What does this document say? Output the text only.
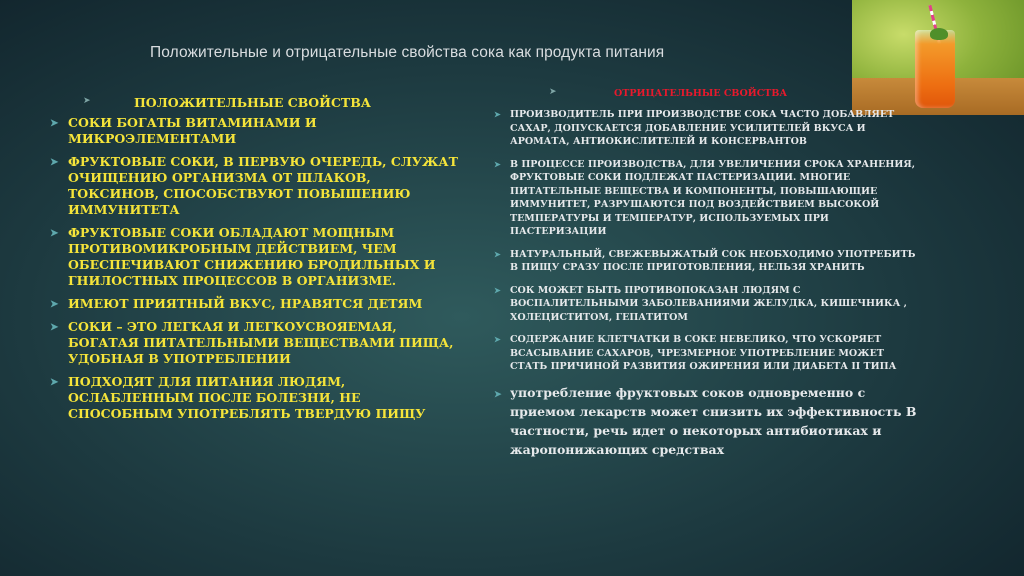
Положительные и отрицательные свойства сока как продукта питания
➤	ПОЛОЖИТЕЛЬНЫЕ СВОЙСТВА
➤ СОКИ БОГАТЫ ВИТАМИНАМИ И МИКРОЭЛЕМЕНТАМИ
➤ ФРУКТОВЫЕ СОКИ, В ПЕРВУЮ ОЧЕРЕДЬ, СЛУЖАТ ОЧИЩЕНИЮ ОРГАНИЗМА ОТ ШЛАКОВ, ТОКСИНОВ, СПОСОБСТВУЮТ ПОВЫШЕНИЮ ИММУНИТЕТА
➤ ФРУКТОВЫЕ СОКИ ОБЛАДАЮТ МОЩНЫМ ПРОТИВОМИКРОБНЫМ ДЕЙСТВИЕМ, ЧЕМ ОБЕСПЕЧИВАЮТ СНИЖЕНИЮ БРОДИЛЬНЫХ И ГНИЛОСТНЫХ ПРОЦЕССОВ В ОРГАНИЗМЕ.
➤ ИМЕЮТ ПРИЯТНЫЙ ВКУС, НРАВЯТСЯ ДЕТЯМ
➤ СОКИ – ЭТО ЛЕГКАЯ И ЛЕГКОУСВОЯЕМАЯ, БОГАТАЯ ПИТАТЕЛЬНЫМИ ВЕЩЕСТВАМИ ПИЩА, УДОБНАЯ В УПОТРЕБЛЕНИИ
➤ ПОДХОДЯТ ДЛЯ ПИТАНИЯ ЛЮДЯМ, ОСЛАБЛЕННЫМ ПОСЛЕ БОЛЕЗНИ, НЕ СПОСОБНЫМ УПОТРЕБЛЯТЬ ТВЕРДУЮ ПИЩУ
➤	ОТРИЦАТЕЛЬНЫЕ СВОЙСТВА
➤ ПРОИЗВОДИТЕЛЬ ПРИ ПРОИЗВОДСТВЕ СОКА ЧАСТО ДОБАВЛЯЕТ САХАР, ДОПУСКАЕТСЯ ДОБАВЛЕНИЕ УСИЛИТЕЛЕЙ ВКУСА И АРОМАТА, АНТИОКИСЛИТЕЛЕЙ И КОНСЕРВАНТОВ
➤ В ПРОЦЕССЕ ПРОИЗВОДСТВА, ДЛЯ УВЕЛИЧЕНИЯ СРОКА ХРАНЕНИЯ, ФРУКТОВЫЕ СОКИ ПОДЛЕЖАТ ПАСТЕРИЗАЦИИ. МНОГИЕ ПИТАТЕЛЬНЫЕ ВЕЩЕСТВА И КОМПОНЕНТЫ, ПОВЫШАЮЩИЕ ИММУНИТЕТ, РАЗРУШАЮТСЯ ПОД ВОЗДЕЙСТВИЕМ ВЫСОКОЙ ТЕМПЕРАТУРЫ И ТЕМПЕРАТУР, ИСПОЛЬЗУЕМЫХ ПРИ ПАСТЕРИЗАЦИИ
➤ НАТУРАЛЬНЫЙ, СВЕЖЕВЫЖАТЫЙ СОК НЕОБХОДИМО УПОТРЕБИТЬ В ПИЩУ СРАЗУ ПОСЛЕ ПРИГОТОВЛЕНИЯ, НЕЛЬЗЯ ХРАНИТЬ
➤ СОК МОЖЕТ БЫТЬ ПРОТИВОПОКАЗАН ЛЮДЯМ С ВОСПАЛИТЕЛЬНЫМИ ЗАБОЛЕВАНИЯМИ ЖЕЛУДКА, КИШЕЧНИКА , ХОЛЕЦИСТИТОМ, ГЕПАТИТОМ
➤ СОДЕРЖАНИЕ КЛЕТЧАТКИ В СОКЕ НЕВЕЛИКО, ЧТО УСКОРЯЕТ ВСАСЫВАНИЕ САХАРОВ, ЧРЕЗМЕРНОЕ УПОТРЕБЛЕНИЕ МОЖЕТ СТАТЬ ПРИЧИНОЙ РАЗВИТИЯ ОЖИРЕНИЯ ИЛИ ДИАБЕТА II ТИПА
➤ употребление фруктовых соков одновременно с приемом лекарств может снизить их эффективность В частности, речь идет о некоторых антибиотиках и жаропонижающих средствах
